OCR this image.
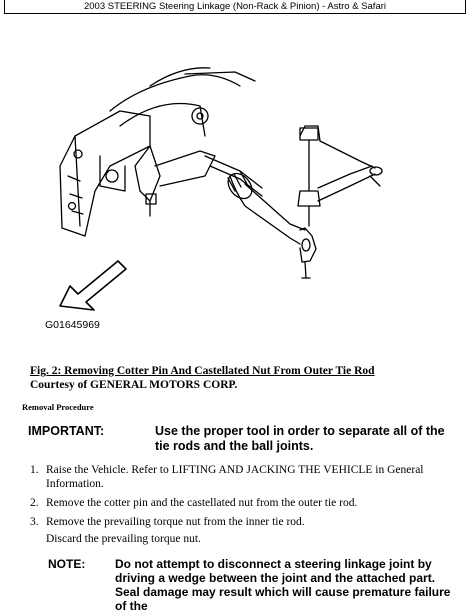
2003 STEERING Steering Linkage (Non-Rack & Pinion) - Astro & Safari
G01645969
Fig. 2: Removing Cotter Pin And Castellated Nut From Outer Tie Rod
Courtesy of GENERAL MOTORS CORP.
Removal Procedure
IMPORTANT:	Use the proper tool in order to separate all of the tie rods and the ball joints.
1. Raise the Vehicle. Refer to LIFTING AND JACKING THE VEHICLE in General Information.
2. Remove the cotter pin and the castellated nut from the outer tie rod.
3. Remove the prevailing torque nut from the inner tie rod.
Discard the prevailing torque nut.
NOTE: Do not attempt to disconnect a steering linkage joint by driving a wedge between the joint and the attached part. Seal damage may result which will cause premature failure of the
